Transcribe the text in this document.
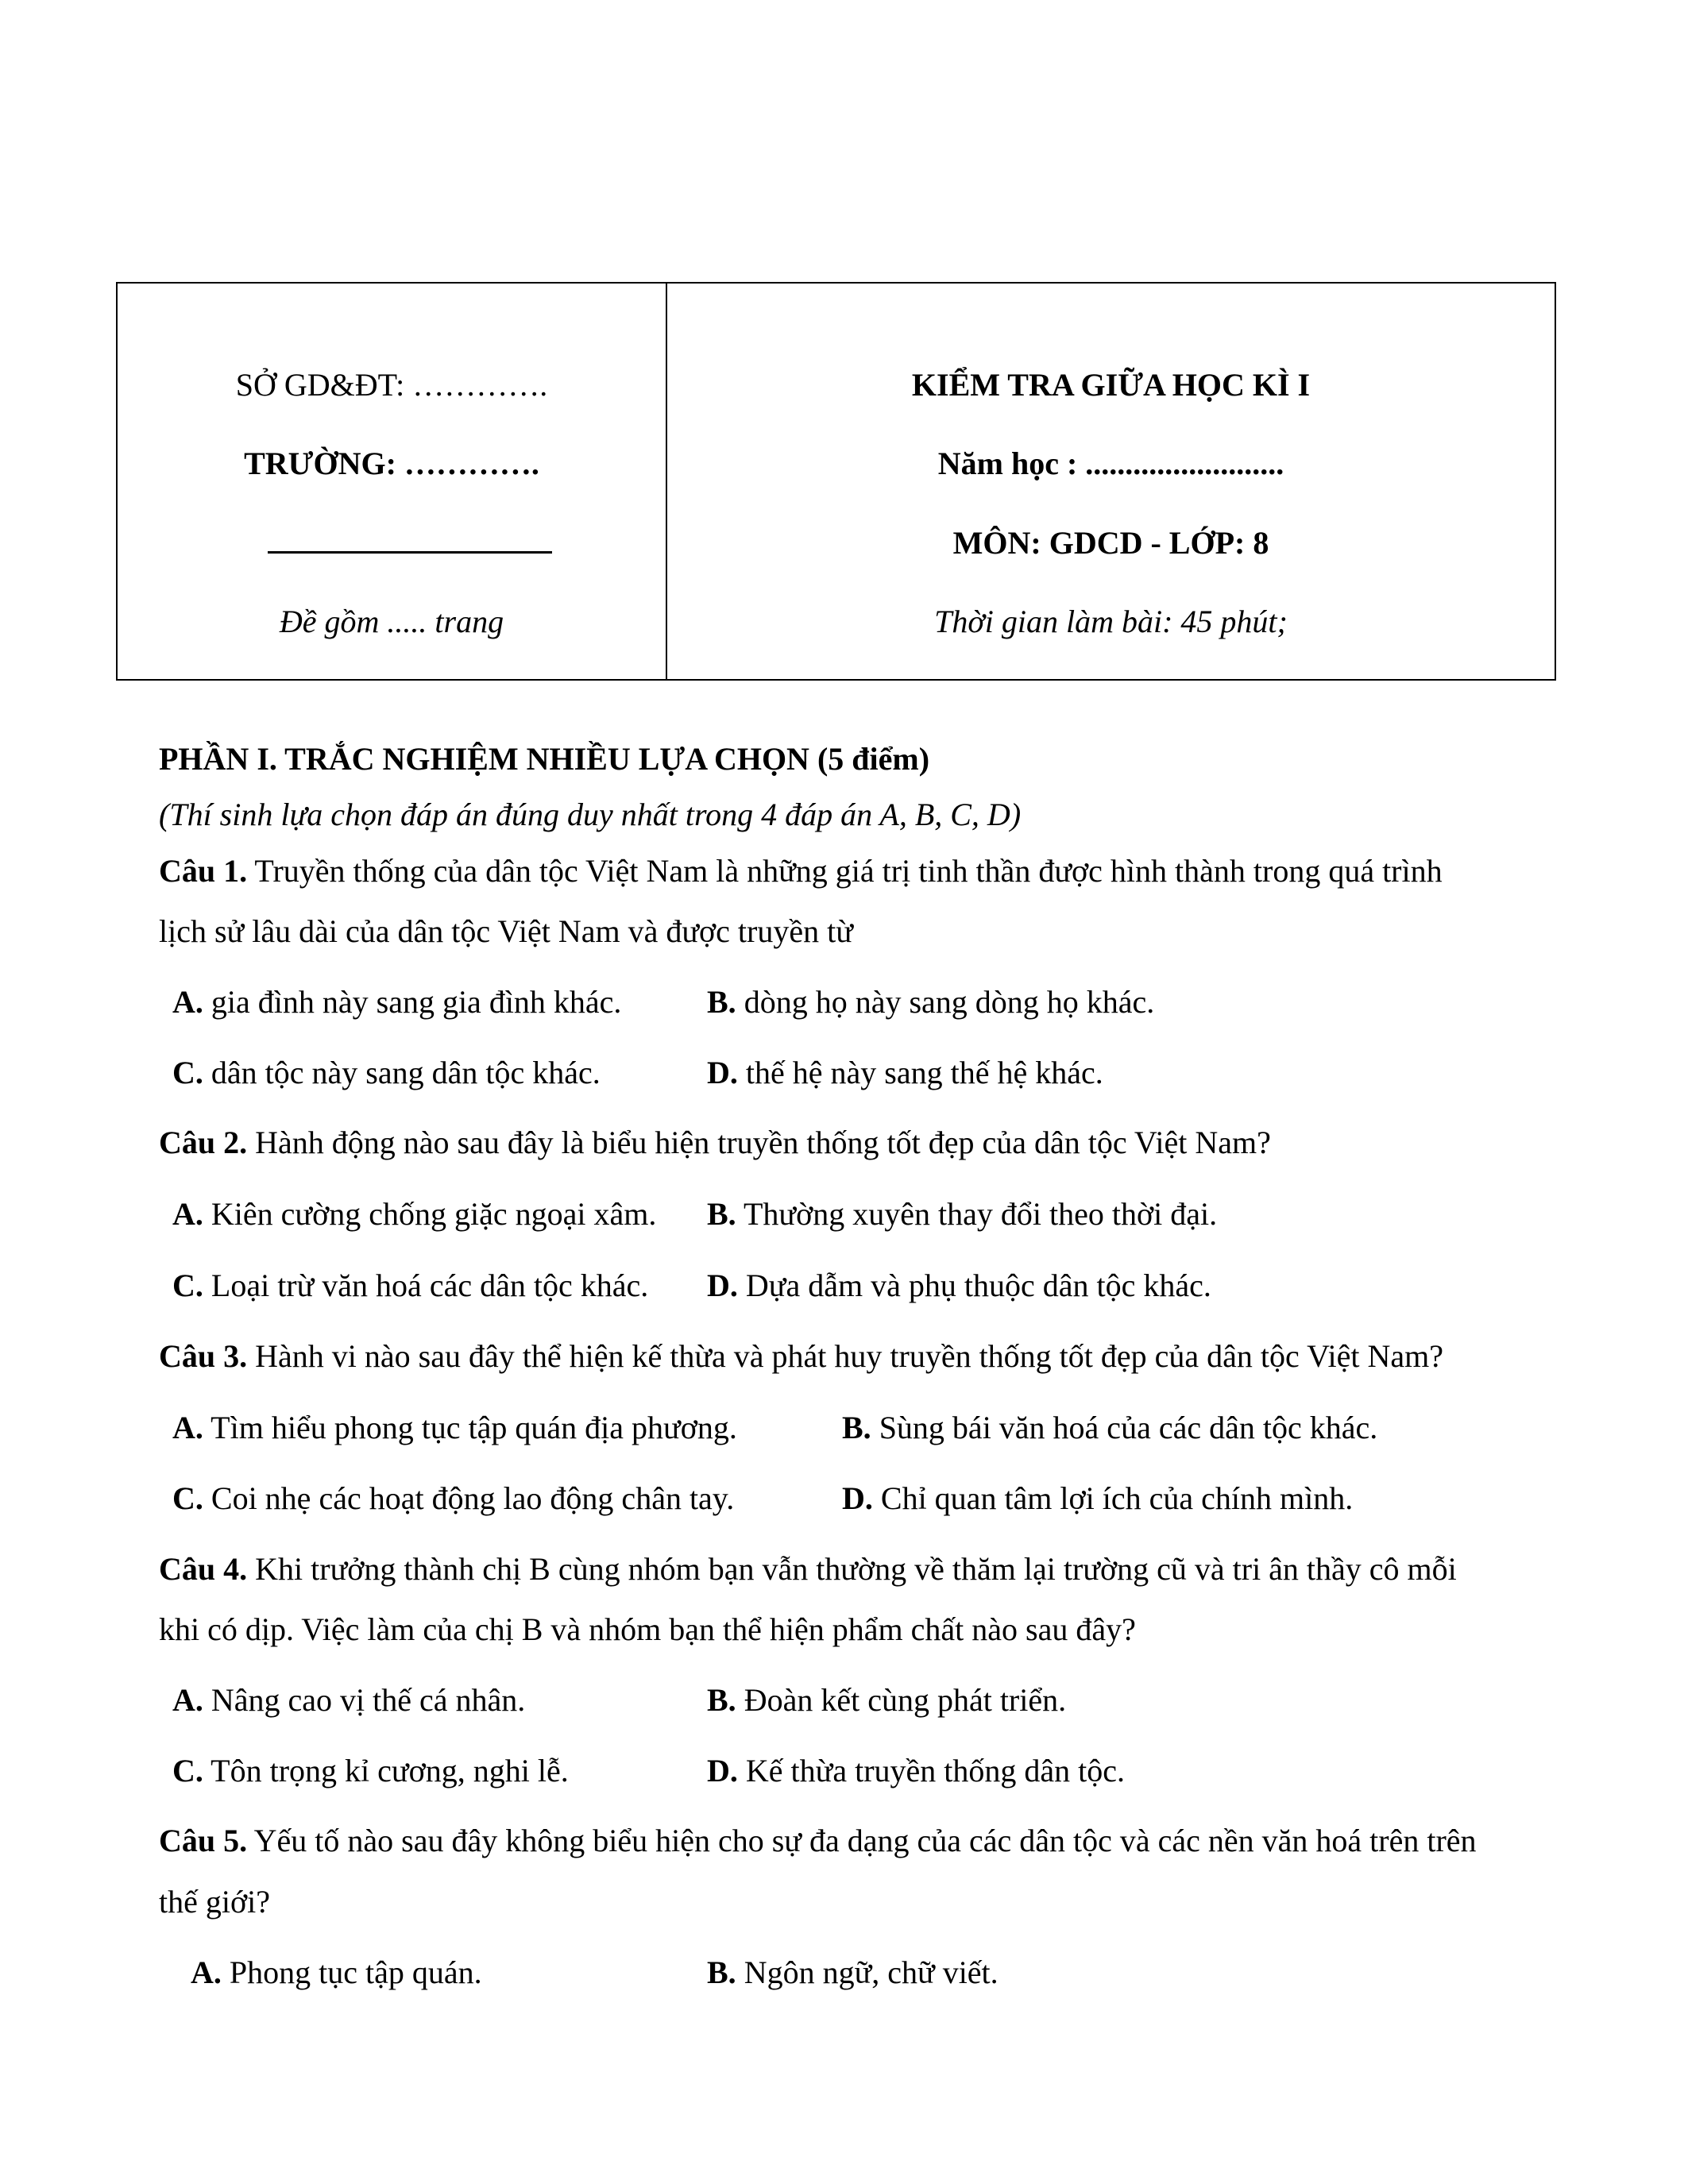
SỞ GD&ĐT: ………….
TRƯỜNG: ………….
Đề gồm ..... trang
KIỂM TRA GIỮA HỌC KÌ I
Năm học : .........................
MÔN: GDCD - LỚP: 8
Thời gian làm bài: 45 phút;
PHẦN I. TRẮC NGHIỆM NHIỀU LỰA CHỌN (5 điểm)
(Thí sinh lựa chọn đáp án đúng duy nhất trong 4 đáp án A, B, C, D)
Câu 1. Truyền thống của dân tộc Việt Nam là những giá trị tinh thần được hình thành trong quá trình
lịch sử lâu dài của dân tộc Việt Nam và được truyền từ
A. gia đình này sang gia đình khác.	B. dòng họ này sang dòng họ khác.
C. dân tộc này sang dân tộc khác.	D. thế hệ này sang thế hệ khác.
Câu 2. Hành động nào sau đây là biểu hiện truyền thống tốt đẹp của dân tộc Việt Nam?
A. Kiên cường chống giặc ngoại xâm. B. Thường xuyên thay đổi theo thời đại.
C. Loại trừ văn hoá các dân tộc khác. D. Dựa dẫm và phụ thuộc dân tộc khác.
Câu 3. Hành vi nào sau đây thể hiện kế thừa và phát huy truyền thống tốt đẹp của dân tộc Việt Nam?
A. Tìm hiểu phong tục tập quán địa phương.	B. Sùng bái văn hoá của các dân tộc khác.
C. Coi nhẹ các hoạt động lao động chân tay.	D. Chỉ quan tâm lợi ích của chính mình.
Câu 4. Khi trưởng thành chị B cùng nhóm bạn vẫn thường về thăm lại trường cũ và tri ân thầy cô mỗi
khi có dịp. Việc làm của chị B và nhóm bạn thể hiện phẩm chất nào sau đây?
A. Nâng cao vị thế cá nhân.	B. Đoàn kết cùng phát triển.
C. Tôn trọng kỉ cương, nghi lễ.	D. Kế thừa truyền thống dân tộc.
Câu 5. Yếu tố nào sau đây không biểu hiện cho sự đa dạng của các dân tộc và các nền văn hoá trên trên
thế giới?
A. Phong tục tập quán.	B. Ngôn ngữ, chữ viết.
